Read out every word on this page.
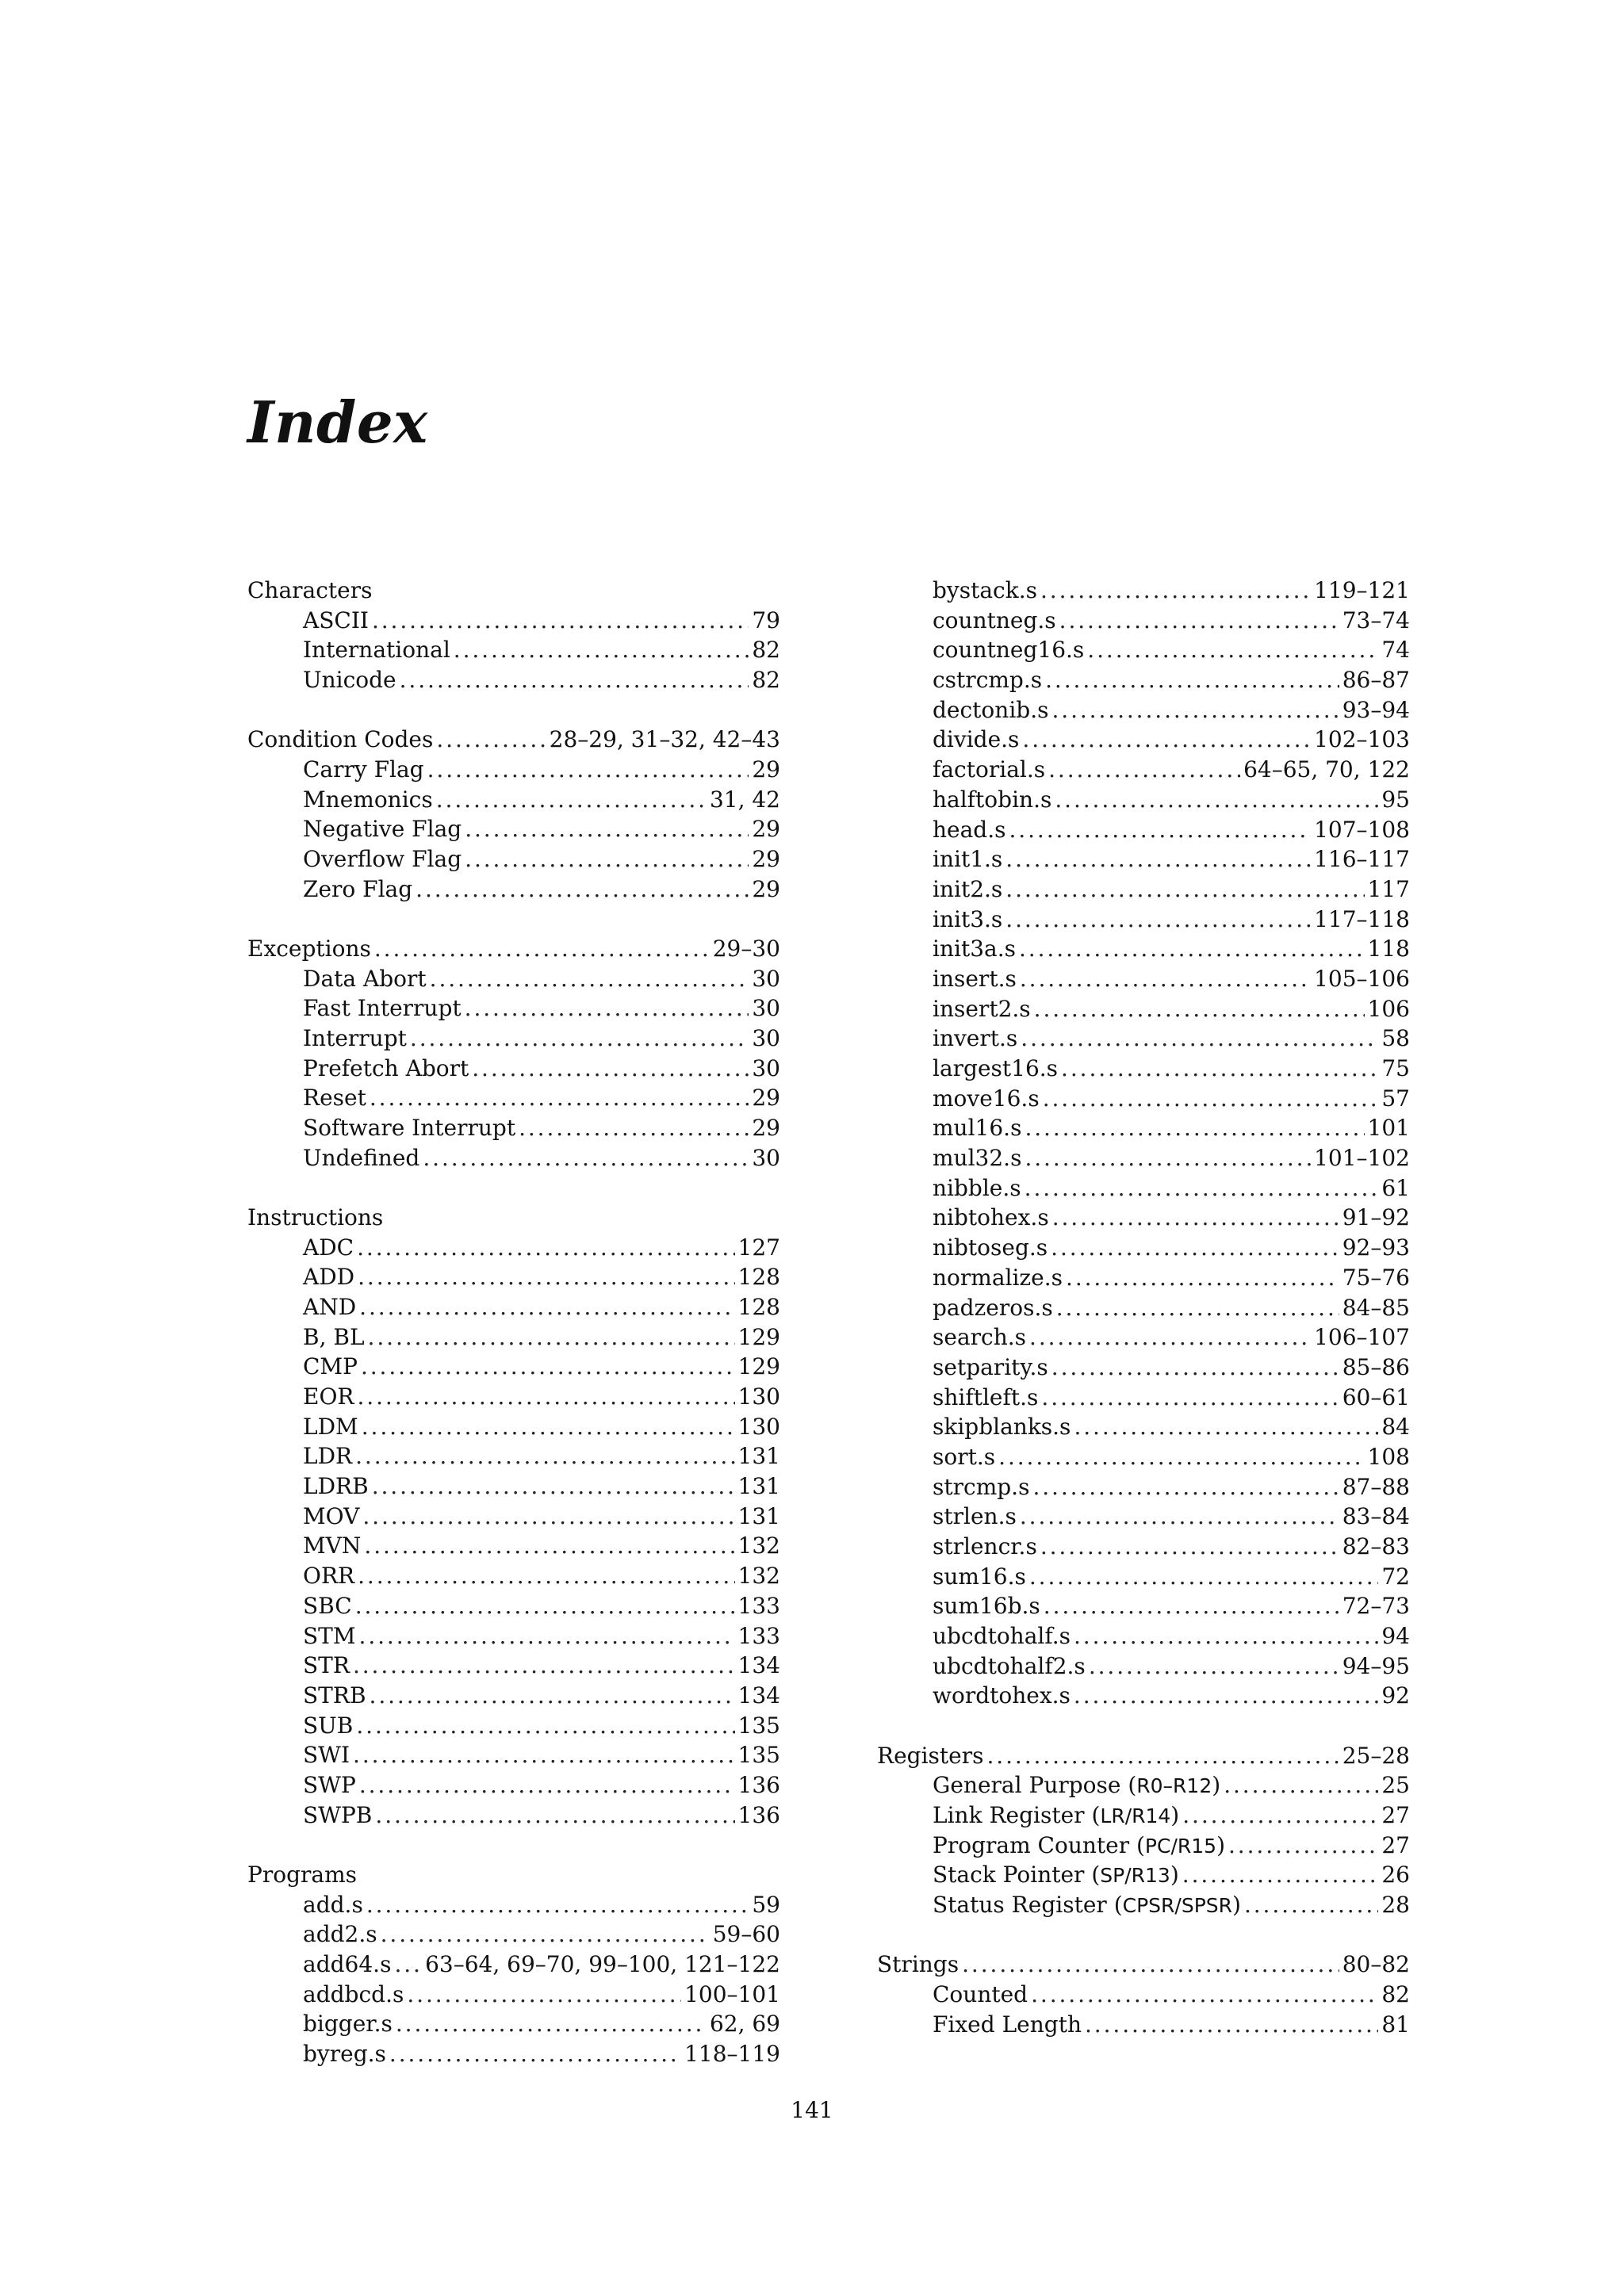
Index
Characters
ASCII . . .	79
International . . .	82
Unicode . . .	82
Condition Codes . . .	28–29, 31–32, 42–43
Carry Flag . . .	29
Mnemonics . . .	31, 42
Negative Flag . . .	29
Overflow Flag . . .	29
Zero Flag . . .	29
Exceptions . . .	29–30
Data Abort . . .	30
Fast Interrupt . . .	30
Interrupt . . .	30
Prefetch Abort . . .	30
Reset . . .	29
Software Interrupt . . .	29
Undefined . . .	30
Instructions
ADC . . .	127
ADD . . .	128
AND . . .	128
B, BL . . .	129
CMP . . .	129
EOR . . .	130
LDM . . .	130
LDR . . .	131
LDRB . . .	131
MOV . . .	131
MVN . . .	132
ORR . . .	132
SBC . . .	133
STM . . .	133
STR . . .	134
STRB . . .	134
SUB . . .	135
SWI . . .	135
SWP . . .	136
SWPB . . .	136
Programs
add.s . . .	59
add2.s . . .	59–60
add64.s . . . 63–64, 69–70, 99–100, 121–122
addbcd.s . . .	100–101
bigger.s . . .	62, 69
byreg.s . . .	118–119
bystack.s . . .	119–121
countneg.s . . .	73–74
countneg16.s . . .	74
cstrcmp.s . . .	86–87
dectonib.s . . .	93–94
divide.s . . .	102–103
factorial.s . . .	64–65, 70, 122
halftobin.s . . .	95
head.s . . .	107–108
init1.s . . .	116–117
init2.s . . .	117
init3.s . . .	117–118
init3a.s . . .	118
insert.s . . .	105–106
insert2.s . . .	106
invert.s . . .	58
largest16.s . . .	75
move16.s . . .	57
mul16.s . . .	101
mul32.s . . .	101–102
nibble.s . . .	61
nibtohex.s . . .	91–92
nibtoseg.s . . .	92–93
normalize.s . . .	75–76
padzeros.s . . .	84–85
search.s . . .	106–107
setparity.s . . .	85–86
shiftleft.s . . .	60–61
skipblanks.s . . .	84
sort.s . . .	108
strcmp.s . . .	87–88
strlen.s . . .	83–84
strlencr.s . . .	82–83
sum16.s . . .	72
sum16b.s . . .	72–73
ubcdtohalf.s . . .	94
ubcdtohalf2.s . . .	94–95
wordtohex.s . . .	92
Registers . . .	25–28
General Purpose (R0–R12) . . .	25
Link Register (LR/R14) . . .	27
Program Counter (PC/R15) . . .	27
Stack Pointer (SP/R13) . . .	26
Status Register (CPSR/SPSR) . . .	28
Strings . . .	80–82
Counted . . .	82
Fixed Length . . .	81
141
